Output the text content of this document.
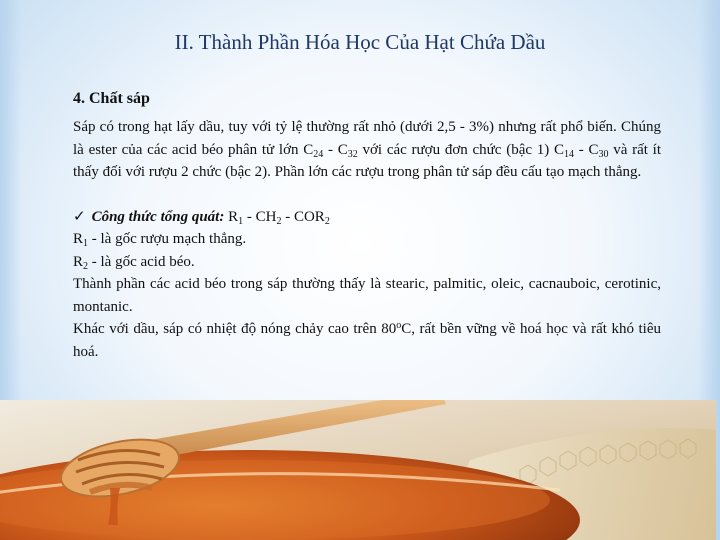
II. Thành Phần Hóa Học Của Hạt Chứa Dầu

4. Chất sáp

Sáp có trong hạt lấy dầu, tuy với tỷ lệ thường rất nhỏ (dưới 2,5 - 3%) nhưng rất phổ biến. Chúng là ester của các acid béo phân tử lớn $C_{24} - C_{32}$ với các rượu đơn chức (bậc 1) $C_{14} - C_{30}$ và rất ít thấy đối với rượu 2 chức (bậc 2). Phần lớn các rượu trong phân tử sáp đều cấu tạo mạch thẳng.

✓ Công thức tổng quát: $R_1 - CH_2 - COR_2$

$R_1$ - là gốc rượu mạch thẳng.

$R_2$ - là gốc acid béo.

Thành phần các acid béo trong sáp thường thấy là stearic, palmitic, oleic, cacnauboic, cerotinic, montanic.

Khác với dầu, sáp có nhiệt độ nóng chảy cao trên 80$^o$C, rất bền vững về hoá học và rất khó tiêu hoá.
